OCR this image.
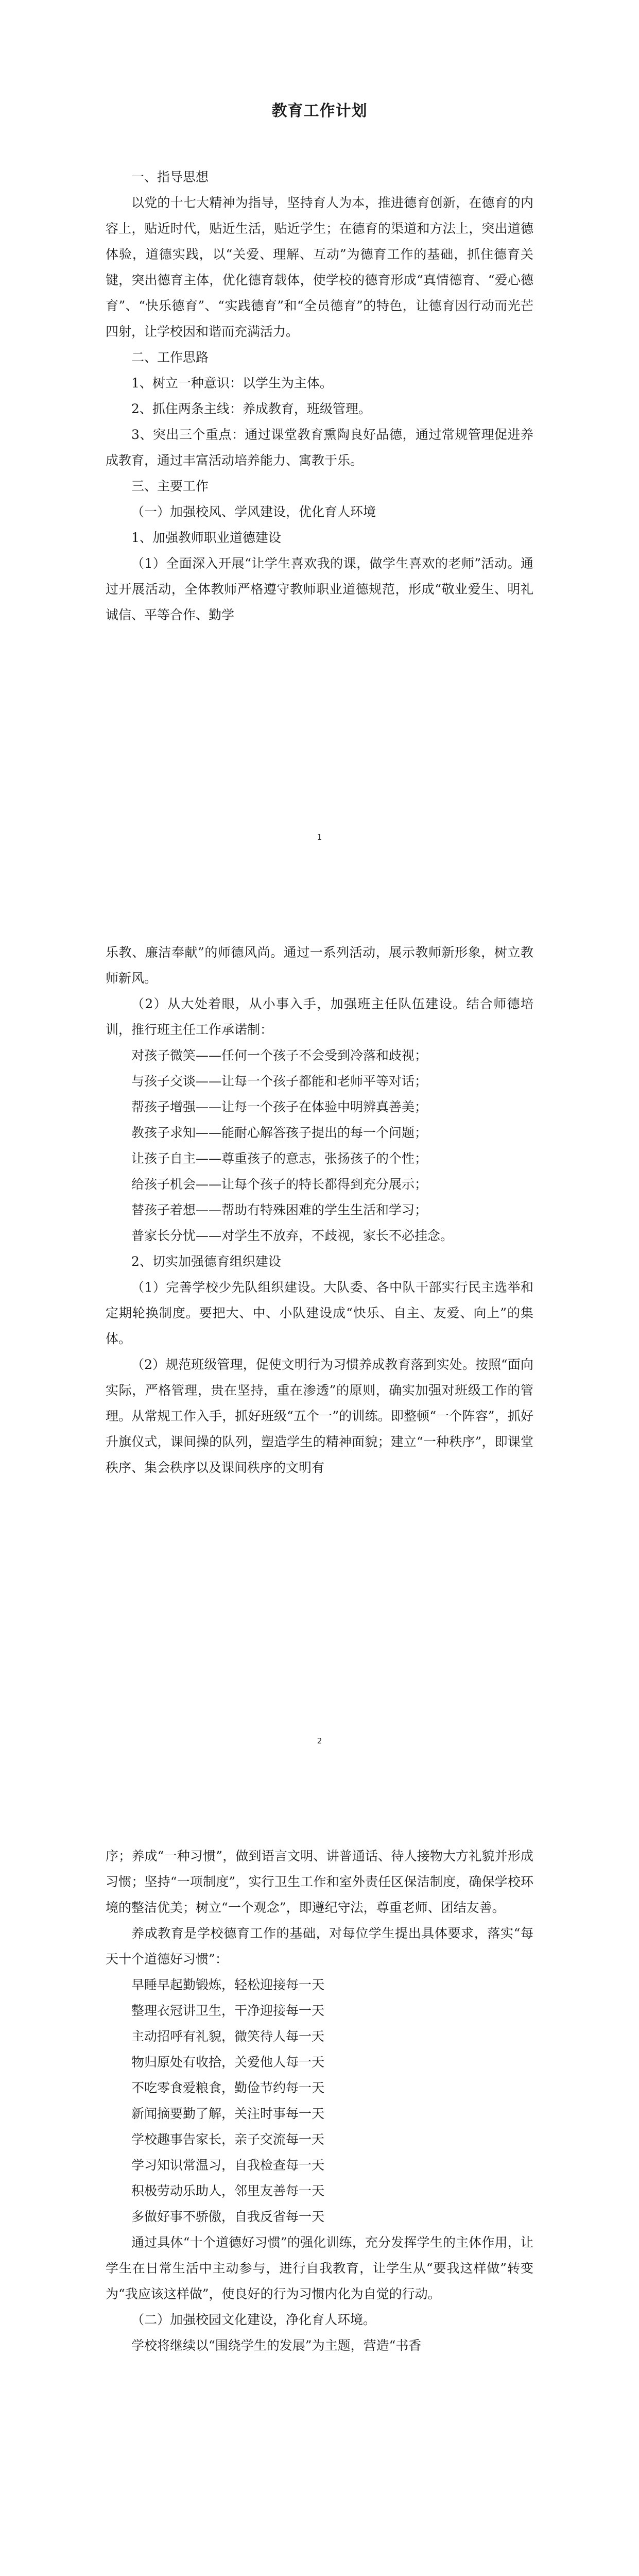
教育工作计划

一、指导思想

以党的十七大精神为指导，坚持育人为本，推进德育创新，在德育的内容上，贴近时代，贴近生活，贴近学生；在德育的渠道和方法上，突出道德体验，道德实践，以“关爱、理解、互动”为德育工作的基础，抓住德育关键，突出德育主体，优化德育载体，使学校的德育形成“真情德育、“爱心德育”、“快乐德育”、“实践德育”和“全员德育”的特色，让德育因行动而光芒四射，让学校因和谐而充满活力。

二、工作思路

1、树立一种意识：以学生为主体。

2、抓住两条主线：养成教育，班级管理。

3、突出三个重点：通过课堂教育熏陶良好品德，通过常规管理促进养成教育，通过丰富活动培养能力、寓教于乐。

三、主要工作

（一）加强校风、学风建设，优化育人环境

1、加强教师职业道德建设

（1）全面深入开展“让学生喜欢我的课，做学生喜欢的老师”活动。通过开展活动，全体教师严格遵守教师职业道德规范，形成“敬业爱生、明礼诚信、平等合作、勤学

1

乐教、廉洁奉献”的师德风尚。通过一系列活动，展示教师新形象，树立教师新风。

（2）从大处着眼，从小事入手，加强班主任队伍建设。结合师德培训，推行班主任工作承诺制：

对孩子微笑——任何一个孩子不会受到冷落和歧视；

与孩子交谈——让每一个孩子都能和老师平等对话；

帮孩子增强——让每一个孩子在体验中明辨真善美；

教孩子求知——能耐心解答孩子提出的每一个问题；

让孩子自主——尊重孩子的意志，张扬孩子的个性；

给孩子机会——让每个孩子的特长都得到充分展示；

替孩子着想——帮助有特殊困难的学生生活和学习；

普家长分忧——对学生不放弃，不歧视，家长不必挂念。

2、切实加强德育组织建设

（1）完善学校少先队组织建设。大队委、各中队干部实行民主选举和定期轮换制度。要把大、中、小队建设成“快乐、自主、友爱、向上”的集体。

（2）规范班级管理，促使文明行为习惯养成教育落到实处。按照“面向实际，严格管理，贵在坚持，重在渗透”的原则，确实加强对班级工作的管理。从常规工作入手，抓好班级“五个一”的训练。即整顿“一个阵容”，抓好升旗仪式，课间操的队列，塑造学生的精神面貌；建立“一种秩序”，即课堂秩序、集会秩序以及课间秩序的文明有

2

序；养成“一种习惯”，做到语言文明、讲普通话、待人接物大方礼貌并形成习惯；坚持“一项制度”，实行卫生工作和室外责任区保洁制度，确保学校环境的整洁优美；树立“一个观念”，即遵纪守法，尊重老师、团结友善。

养成教育是学校德育工作的基础，对每位学生提出具体要求，落实“每天十个道德好习惯”：

早睡早起勤锻炼，轻松迎接每一天

整理衣冠讲卫生，干净迎接每一天

主动招呼有礼貌，微笑待人每一天

物归原处有收拾，关爱他人每一天

不吃零食爱粮食，勤俭节约每一天

新闻摘要勤了解，关注时事每一天

学校趣事告家长，亲子交流每一天

学习知识常温习，自我检查每一天

积极劳动乐助人，邻里友善每一天

多做好事不骄傲，自我反省每一天

通过具体“十个道德好习惯”的强化训练，充分发挥学生的主体作用，让学生在日常生活中主动参与，进行自我教育，让学生从“要我这样做”转变为“我应该这样做”，使良好的行为习惯内化为自觉的行动。

（二）加强校园文化建设，净化育人环境。

学校将继续以“围绕学生的发展”为主题，营造“书香
